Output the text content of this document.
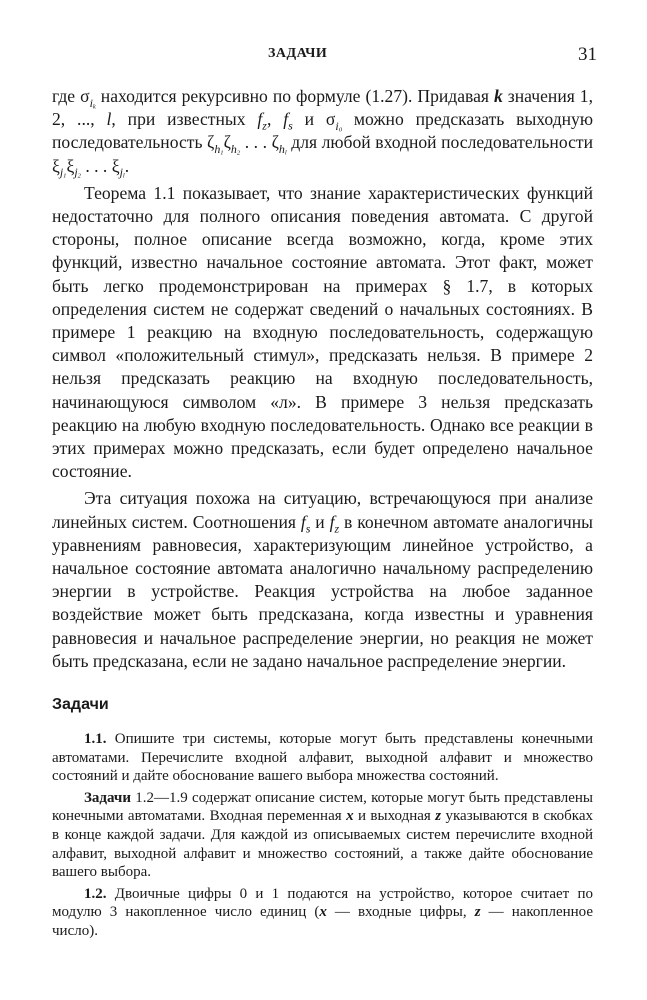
ЗАДАЧИ	31

где $\sigma_{i_k}$ находится рекурсивно по формуле (1.27). Придавая k значения 1, 2, ..., l, при известных $f_z$, $f_s$ и $\sigma_{i_0}$ можно предсказать выходную последовательность $\zeta_{h_1}\zeta_{h_2}$ . . . $\zeta_{h_l}$ для любой входной последовательности $\xi_{j_1}\xi_{j_2}$ . . . $\xi_{j_l}$.

Теорема 1.1 показывает, что знание характеристических функций недостаточно для полного описания поведения автомата. С другой стороны, полное описание всегда возможно, когда, кроме этих функций, известно начальное состояние автомата. Этот факт, может быть легко продемонстрирован на примерах § 1.7, в которых определения систем не содержат сведений о начальных состояниях. В примере 1 реакцию на входную последовательность, содержащую символ «положительный стимул», предсказать нельзя. В примере 2 нельзя предсказать реакцию на входную последовательность, начинающуюся символом «л». В примере 3 нельзя предсказать реакцию на любую входную последовательность. Однако все реакции в этих примерах можно предсказать, если будет определено начальное состояние.

Эта ситуация похожа на ситуацию, встречающуюся при анализе линейных систем. Соотношения $f_s$ и $f_z$ в конечном автомате аналогичны уравнениям равновесия, характеризующим линейное устройство, а начальное состояние автомата аналогично начальному распределению энергии в устройстве. Реакция устройства на любое заданное воздействие может быть предсказана, когда известны и уравнения равновесия и начальное распределение энергии, но реакция не может быть предсказана, если не задано начальное распределение энергии.

Задачи

1.1. Опишите три системы, которые могут быть представлены конечными автоматами. Перечислите входной алфавит, выходной алфавит и множество состояний и дайте обоснование вашего выбора множества состояний.

Задачи 1.2—1.9 содержат описание систем, которые могут быть представлены конечными автоматами. Входная переменная x и выходная z указываются в скобках в конце каждой задачи. Для каждой из описываемых систем перечислите входной алфавит, выходной алфавит и множество состояний, а также дайте обоснование вашего выбора.

1.2. Двоичные цифры 0 и 1 подаются на устройство, которое считает по модулю 3 накопленное число единиц (x — входные цифры, z — накопленное число).
